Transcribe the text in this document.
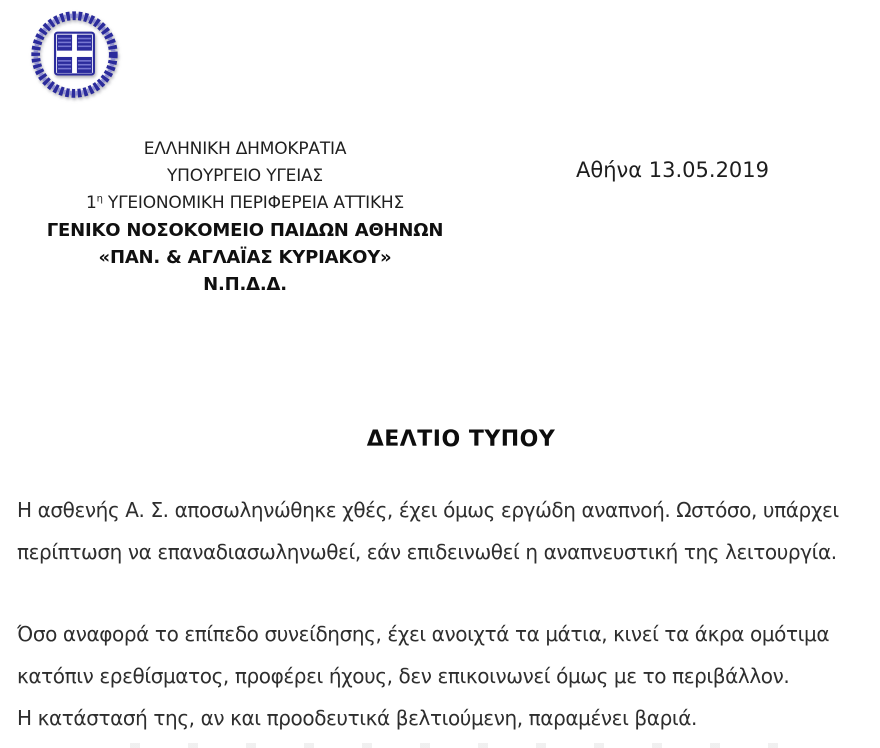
ΕΛΛΗΝΙΚΗ ΔΗΜΟΚΡΑΤΙΑ
ΥΠΟΥΡΓΕΙΟ ΥΓΕΙΑΣ
$1^\eta$ ΥΓΕΙΟΝΟΜΙΚΗ ΠΕΡΙΦΕΡΕΙΑ ΑΤΤΙΚΗΣ
ΓΕΝΙΚΟ ΝΟΣΟΚΟΜΕΙΟ ΠΑΙΔΩΝ ΑΘΗΝΩΝ
«ΠΑΝ. & ΑΓΛΑΪΑΣ ΚΥΡΙΑΚΟΥ»
Ν.Π.Δ.Δ.
Αθήνα 13.05.2019
ΔΕΛΤΙΟ ΤΥΠΟΥ
Η ασθενής Α. Σ. αποσωληνώθηκε χθές, έχει όμως εργώδη αναπνοή. Ωστόσο, υπάρχει
περίπτωση να επαναδιασωληνωθεί, εάν επιδεινωθεί η αναπνευστική της λειτουργία.
Όσο αναφορά το επίπεδο συνείδησης, έχει ανοιχτά τα μάτια, κινεί τα άκρα ομότιμα
κατόπιν ερεθίσματος, προφέρει ήχους, δεν επικοινωνεί όμως με το περιβάλλον.
Η κατάστασή της, αν και προοδευτικά βελτιούμενη, παραμένει βαριά.
